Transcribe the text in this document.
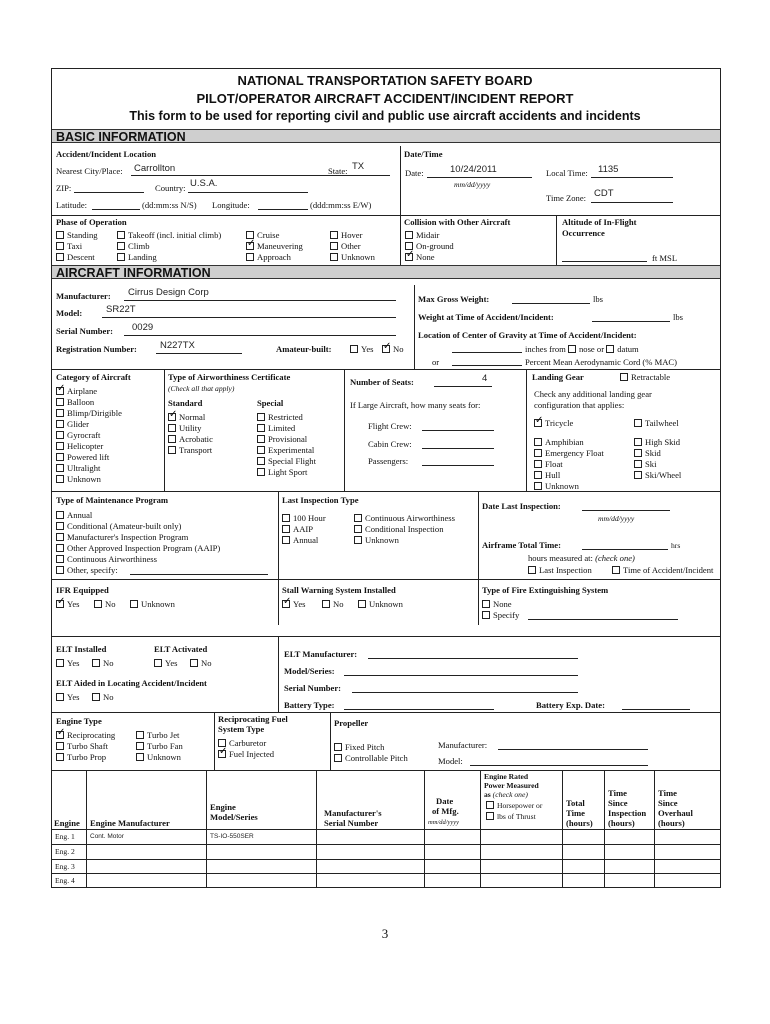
NATIONAL TRANSPORTATION SAFETY BOARD
PILOT/OPERATOR AIRCRAFT ACCIDENT/INCIDENT REPORT
This form to be used for reporting civil and public use aircraft accidents and incidents
BASIC INFORMATION
Accident/Incident Location
Nearest City/Place: Carrollton	State: TX
ZIP:	Country: U.S.A.
Latitude:	(dd:mm:ss N/S) Longitude:	(ddd:mm:ss E/W)
Date/Time
Date:	10/24/2011
mm/dd/yyyy
Local Time: 1135
Time Zone: CDT
Phase of Operation
Standing
Taxi
Descent
Takeoff (incl. initial climb)
Climb
Landing
Cruise
✓Maneuvering
Approach
Hover
Other
Unknown
Collision with Other Aircraft
Midair
On-ground
✓None
Altitude of In-Flight
Occurrence
ft MSL
AIRCRAFT INFORMATION
Manufacturer: Cirrus Design Corp
Model: SR22T
Serial Number: 0029
Registration Number: N227TX	Amateur-built:	Yes
✓	No
Max Gross Weight:	lbs
Weight at Time of Accident/Incident:	lbs
Location of Center of Gravity at Time of Accident/Incident:
inches from nose or datum
or	Percent Mean Aerodynamic Cord (% MAC)
Category of Aircraft
✓Airplane
Balloon
Blimp/Dirigible
Glider
Gyrocraft
Helicopter
Powered lift
Ultralight
Unknown
Type of Airworthiness Certificate
(Check all that apply)
Standard
✓Normal
Utility
Acrobatic
Transport
Special
Restricted
Limited
Provisional
Experimental
Special Flight
Light Sport
Number of Seats:	4
If Large Aircraft, how many seats for:
Flight Crew:
Cabin Crew:
Passengers:
Landing Gear	Retractable
Check any additional landing gear
configuration that applies:
✓Tricycle	Tailwheel
Amphibian
Emergency Float
High Skid
Float
Skid
Hull
Ski
Unknown
Ski/Wheel
Type of Maintenance Program
Annual
Conditional (Amateur-built only)
Manufacturer's Inspection Program
Other Approved Inspection Program (AAIP)
Continuous Airworthiness
Other, specify:
Last Inspection Type
100 Hour
AAIP
Annual
Continuous Airworthiness
Conditional Inspection
Unknown
Date Last Inspection:
mm/dd/yyyy
Airframe Total Time:	hrs
hours measured at: (check one)
Last Inspection	Time of Accident/Incident
IFR Equipped
✓Yes	No	Unknown
Stall Warning System Installed
✓Yes	No	Unknown
Type of Fire Extinguishing System
None
Specify
ELT Installed
Yes	No
ELT Activated
Yes	No
ELT Aided in Locating Accident/Incident
Yes	No
ELT Manufacturer:
Model/Series:
Serial Number:
Battery Type:	Battery Exp. Date:
Engine Type
✓Reciprocating
Turbo Shaft
Turbo Prop
Turbo Jet
Turbo Fan
Unknown
Reciprocating Fuel
System Type
Carburetor
✓Fuel Injected
Propeller
Fixed Pitch
Controllable Pitch
Manufacturer:
Model:
Engine Engine Manufacturer
Engine
Model/Series	Manufacturer's
Serial Number
Date
of Mfg.
mm/dd/yyyy
Engine Rated
Power Measured
as (check one)
Horsepower or
lbs of Thrust
Total
Time
(hours)
Time
Since
Inspection
(hours)
Time
Since
Overhaul
(hours)
Eng. 1 Cont. Motor	TS-IO-550SER
Eng. 2
Eng. 3
Eng. 4
3
